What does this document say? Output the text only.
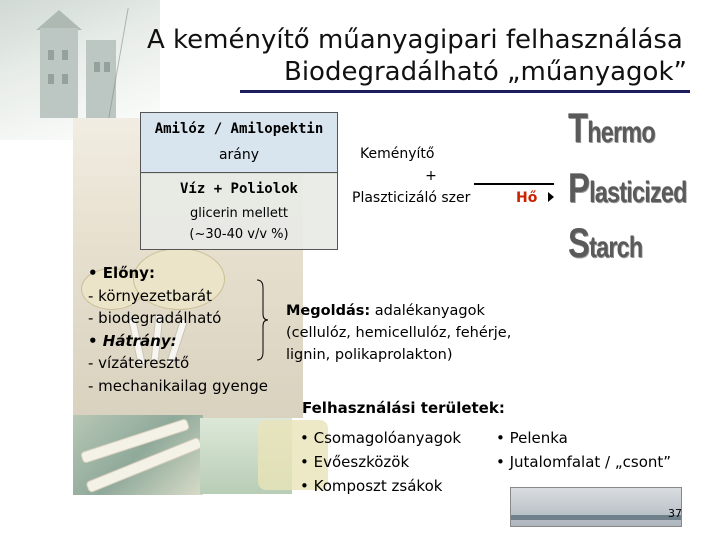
A keményítő műanyagipari felhasználása
Biodegradálható „műanyagok”
Amilóz / Amilopektin
arány
Víz + Poliolok
glicerin mellett
(~30-40 v/v %)
Keményítő
+
Plaszticizáló szer	Hő
Thermo
Plasticized
Starch
• Előny:
- környezetbarát
- biodegradálható
• Hátrány:
- vízáteresztő
- mechanikailag gyenge
Megoldás: adalékanyagok
(cellulóz, hemicellulóz, fehérje,
lignin, polikaprolakton)
Felhasználási területek:
• Csomagolóanyagok
• Evőeszközök
• Komposzt zsákok
• Pelenka
• Jutalomfalat / „csont”
37
